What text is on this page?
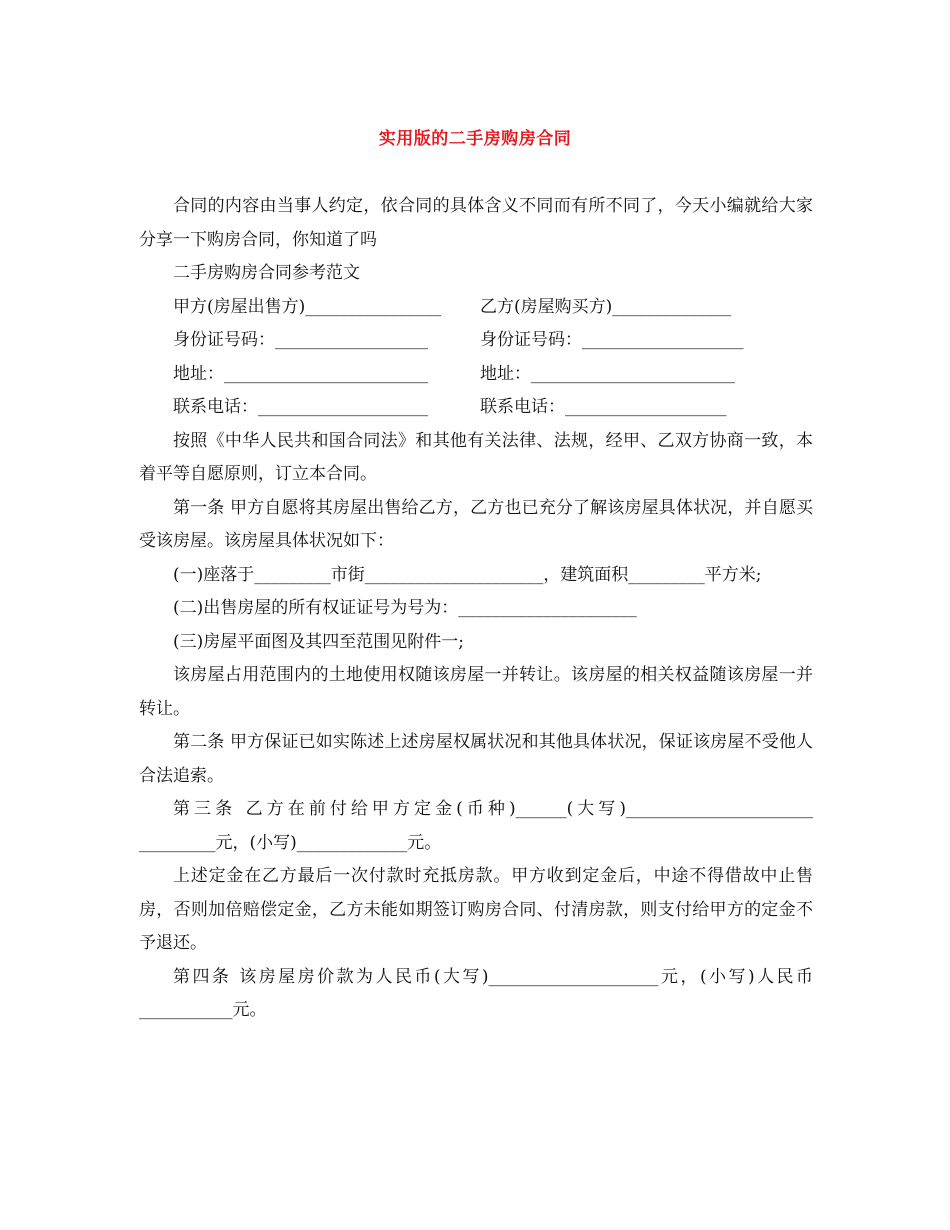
实用版的二手房购房合同

合同的内容由当事人约定，依合同的具体含义不同而有所不同了，今天小编就给大家分享一下购房合同，你知道了吗

二手房购房合同参考范文

甲方(房屋出售方)________________	乙方(房屋购买方)______________
身份证号码：__________________	身份证号码：___________________
地址：________________________	地址：________________________
联系电话：____________________	联系电话：___________________

按照《中华人民共和国合同法》和其他有关法律、法规，经甲、乙双方协商一致，本着平等自愿原则，订立本合同。

第一条 甲方自愿将其房屋出售给乙方，乙方也已充分了解该房屋具体状况，并自愿买受该房屋。该房屋具体状况如下：

(一)座落于_________市街_____________________，建筑面积_________平方米;

(二)出售房屋的所有权证证号为号为：_____________________

(三)房屋平面图及其四至范围见附件一;

该房屋占用范围内的土地使用权随该房屋一并转让。该房屋的相关权益随该房屋一并转让。

第二条 甲方保证已如实陈述上述房屋权属状况和其他具体状况，保证该房屋不受他人合法追索。

第三条 乙方在前付给甲方定金(币种)______(大写)______________________ _________元，(小写)_____________元。

上述定金在乙方最后一次付款时充抵房款。甲方收到定金后，中途不得借故中止售房，否则加倍赔偿定金，乙方未能如期签订购房合同、付清房款，则支付给甲方的定金不予退还。

第四条 该房屋房价款为人民币(大写)____________________元，(小写)人民币___________元。
